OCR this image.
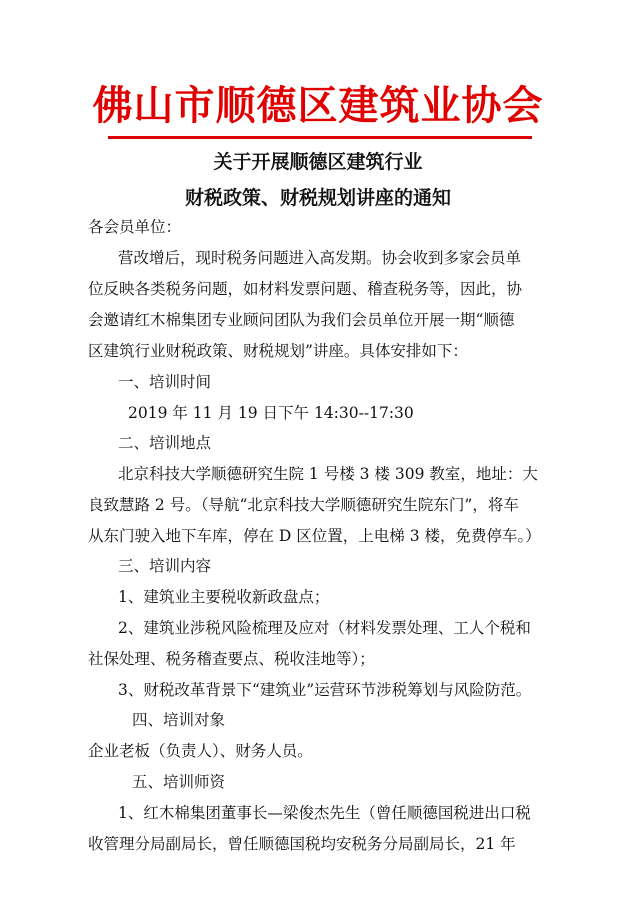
佛山市顺德区建筑业协会
关于开展顺德区建筑行业
财税政策、财税规划讲座的通知
各会员单位：
营改增后，现时税务问题进入高发期。协会收到多家会员单
位反映各类税务问题，如材料发票问题、稽查税务等，因此，协
会邀请红木棉集团专业顾问团队为我们会员单位开展一期“顺德
区建筑行业财税政策、财税规划”讲座。具体安排如下：
一、培训时间
2019 年 11 月 19 日下午 14:30--17:30
二、培训地点
北京科技大学顺德研究生院 1 号楼 3 楼 309 教室，地址：大
良致慧路 2 号。（导航“北京科技大学顺德研究生院东门”，将车
从东门驶入地下车库，停在 D 区位置，上电梯 3 楼，免费停车。）
三、培训内容
1、建筑业主要税收新政盘点；
2、建筑业涉税风险梳理及应对（材料发票处理、工人个税和
社保处理、税务稽查要点、税收洼地等）；
3、财税改革背景下“建筑业”运营环节涉税筹划与风险防范。
四、培训对象
企业老板（负责人）、财务人员。
五、培训师资
1、红木棉集团董事长—梁俊杰先生（曾任顺德国税进出口税
收管理分局副局长，曾任顺德国税均安税务分局副局长，21 年
